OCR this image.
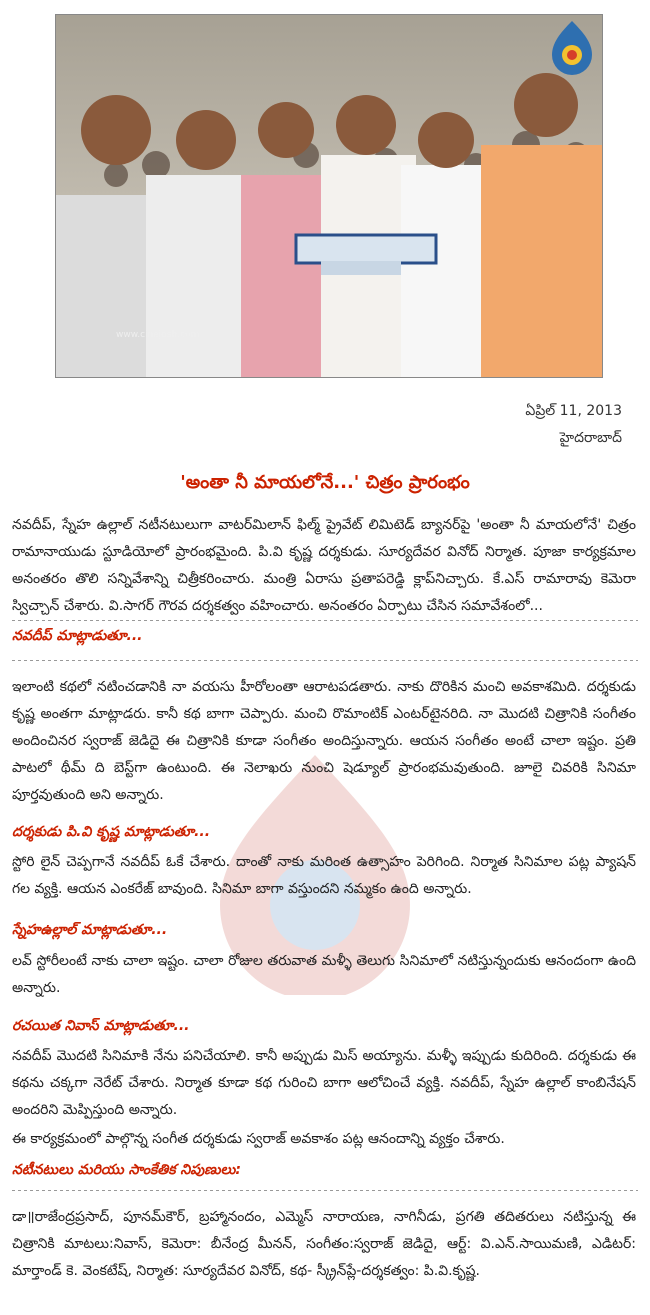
www.cinejosh.com
ఏప్రిల్ 11, 2013
హైదరాబాద్
'అంతా నీ మాయలోనే...' చిత్రం ప్రారంభం
నవదీప్, స్నేహ ఉల్లాల్ నటీనటులుగా వాటర్‌మిలాన్ ఫిల్మ్ ప్రైవేట్ లిమిటెడ్ బ్యానర్‌పై 'అంతా నీ మాయలోనే' చిత్రం రామానాయుడు స్టూడియోలో ప్రారంభమైంది. పి.వి కృష్ణ దర్శకుడు. సూర్యదేవర వినోద్ నిర్మాత. పూజా కార్యక్రమాల అనంతరం తొలి సన్నివేశాన్ని చిత్రీకరించారు. మంత్రి ఏరాసు ప్రతాపరెడ్డి క్లాప్‌నిచ్చారు. కే.ఎస్ రామారావు కెమెరా స్విచ్చాన్ చేశారు. వి.సాగర్ గౌరవ దర్శకత్వం వహించారు. అనంతరం ఏర్పాటు చేసిన సమావేశంలో...
నవదీప్ మాట్లాడుతూ...
ఇలాంటి కథలో నటించడానికి నా వయసు హీరోలంతా ఆరాటపడతారు. నాకు దొరికిన మంచి అవకాశమిది. దర్శకుడు కృష్ణ అంతగా మాట్లాడరు. కానీ కథ బాగా చెప్పారు. మంచి రొమాంటిక్ ఎంటర్‌టైనరిది. నా మొదటి చిత్రానికి సంగీతం అందించినర స్వరాజ్ జెడిదై ఈ చిత్రానికి కూడా సంగీతం అందిస్తున్నారు. ఆయన సంగీతం అంటే చాలా ఇష్టం. ప్రతి పాటలో థీమ్ ది బెస్ట్‌గా ఉంటుంది. ఈ నెలాఖరు నుంచి షెడ్యూల్ ప్రారంభమవుతుంది. జూలై చివరికి సినిమా పూర్తవుతుంది అని అన్నారు.
దర్శకుడు పి.వి కృష్ణ మాట్లాడుతూ...
స్టోరి లైన్ చెప్పగానే నవదీప్ ఓకే చేశారు. దాంతో నాకు మరింత ఉత్సాహం పెరిగింది. నిర్మాత సినిమాల పట్ల ప్యాషన్ గల వ్యక్తి. ఆయన ఎంకరేజ్ బావుంది. సినిమా బాగా వస్తుందని నమ్మకం ఉంది అన్నారు.
స్నేహఉల్లాల్ మాట్లాడుతూ...
లవ్ స్టోరీలంటే నాకు చాలా ఇష్టం. చాలా రోజుల తరువాత మళ్ళీ తెలుగు సినిమాలో నటిస్తున్నందుకు ఆనందంగా ఉంది అన్నారు.
రచయిత నివాస్ మాట్లాడుతూ...
నవదీప్ మొదటి సినిమాకి నేను పనిచేయాలి. కానీ అప్పుడు మిస్ అయ్యాను. మళ్ళీ ఇప్పుడు కుదిరింది. దర్శకుడు ఈ కథను చక్కగా నెరేట్ చేశారు. నిర్మాత కూడా కథ గురించి బాగా ఆలోచించే వ్యక్తి. నవదీప్, స్నేహ ఉల్లాల్ కాంబినేషన్ అందరిని మెప్పిస్తుంది అన్నారు.
ఈ కార్యక్రమంలో పాల్గొన్న సంగీత దర్శకుడు స్వరాజ్ అవకాశం పట్ల ఆనందాన్ని వ్యక్తం చేశారు.
నటీనటులు మరియు సాంకేతిక నిపుణులు:
డా॥రాజేంద్రప్రసాద్, పూనమ్‌కౌర్, బ్రహ్మానందం, ఎమ్మెస్ నారాయణ, నాగినీడు, ప్రగతి తదితరులు నటిస్తున్న ఈ చిత్రానికి మాటలు:నివాస్, కెమెరా: బీనేంద్ర మీనన్, సంగీతం:స్వరాజ్ జెడిదై, ఆర్ట్: వి.ఎన్.సాయిమణి, ఎడిటర్: మార్తాండ్ కె. వెంకటేష్, నిర్మాత: సూర్యదేవర వినోద్, కథ- స్క్రీన్‌ప్లే-దర్శకత్వం: పి.వి.కృష్ణ.
